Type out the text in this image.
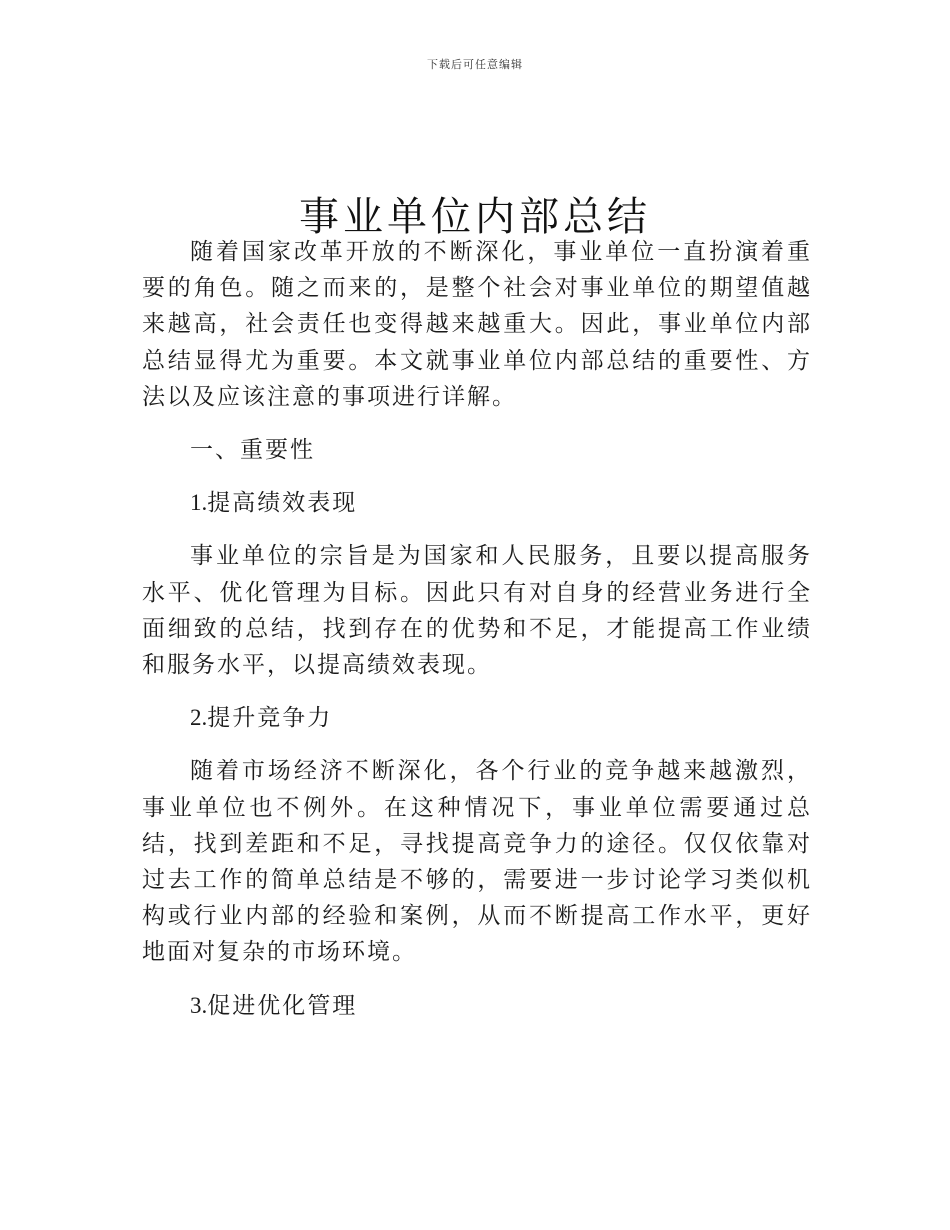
下载后可任意编辑
事业单位内部总结

随着国家改革开放的不断深化，事业单位一直扮演着重要的角色。随之而来的，是整个社会对事业单位的期望值越来越高，社会责任也变得越来越重大。因此，事业单位内部总结显得尤为重要。本文就事业单位内部总结的重要性、方法以及应该注意的事项进行详解。

一、重要性

1.提高绩效表现

事业单位的宗旨是为国家和人民服务，且要以提高服务水平、优化管理为目标。因此只有对自身的经营业务进行全面细致的总结，找到存在的优势和不足，才能提高工作业绩和服务水平，以提高绩效表现。

2.提升竞争力

随着市场经济不断深化，各个行业的竞争越来越激烈，事业单位也不例外。在这种情况下，事业单位需要通过总结，找到差距和不足，寻找提高竞争力的途径。仅仅依靠对过去工作的简单总结是不够的，需要进一步讨论学习类似机构或行业内部的经验和案例，从而不断提高工作水平，更好地面对复杂的市场环境。

3.促进优化管理
